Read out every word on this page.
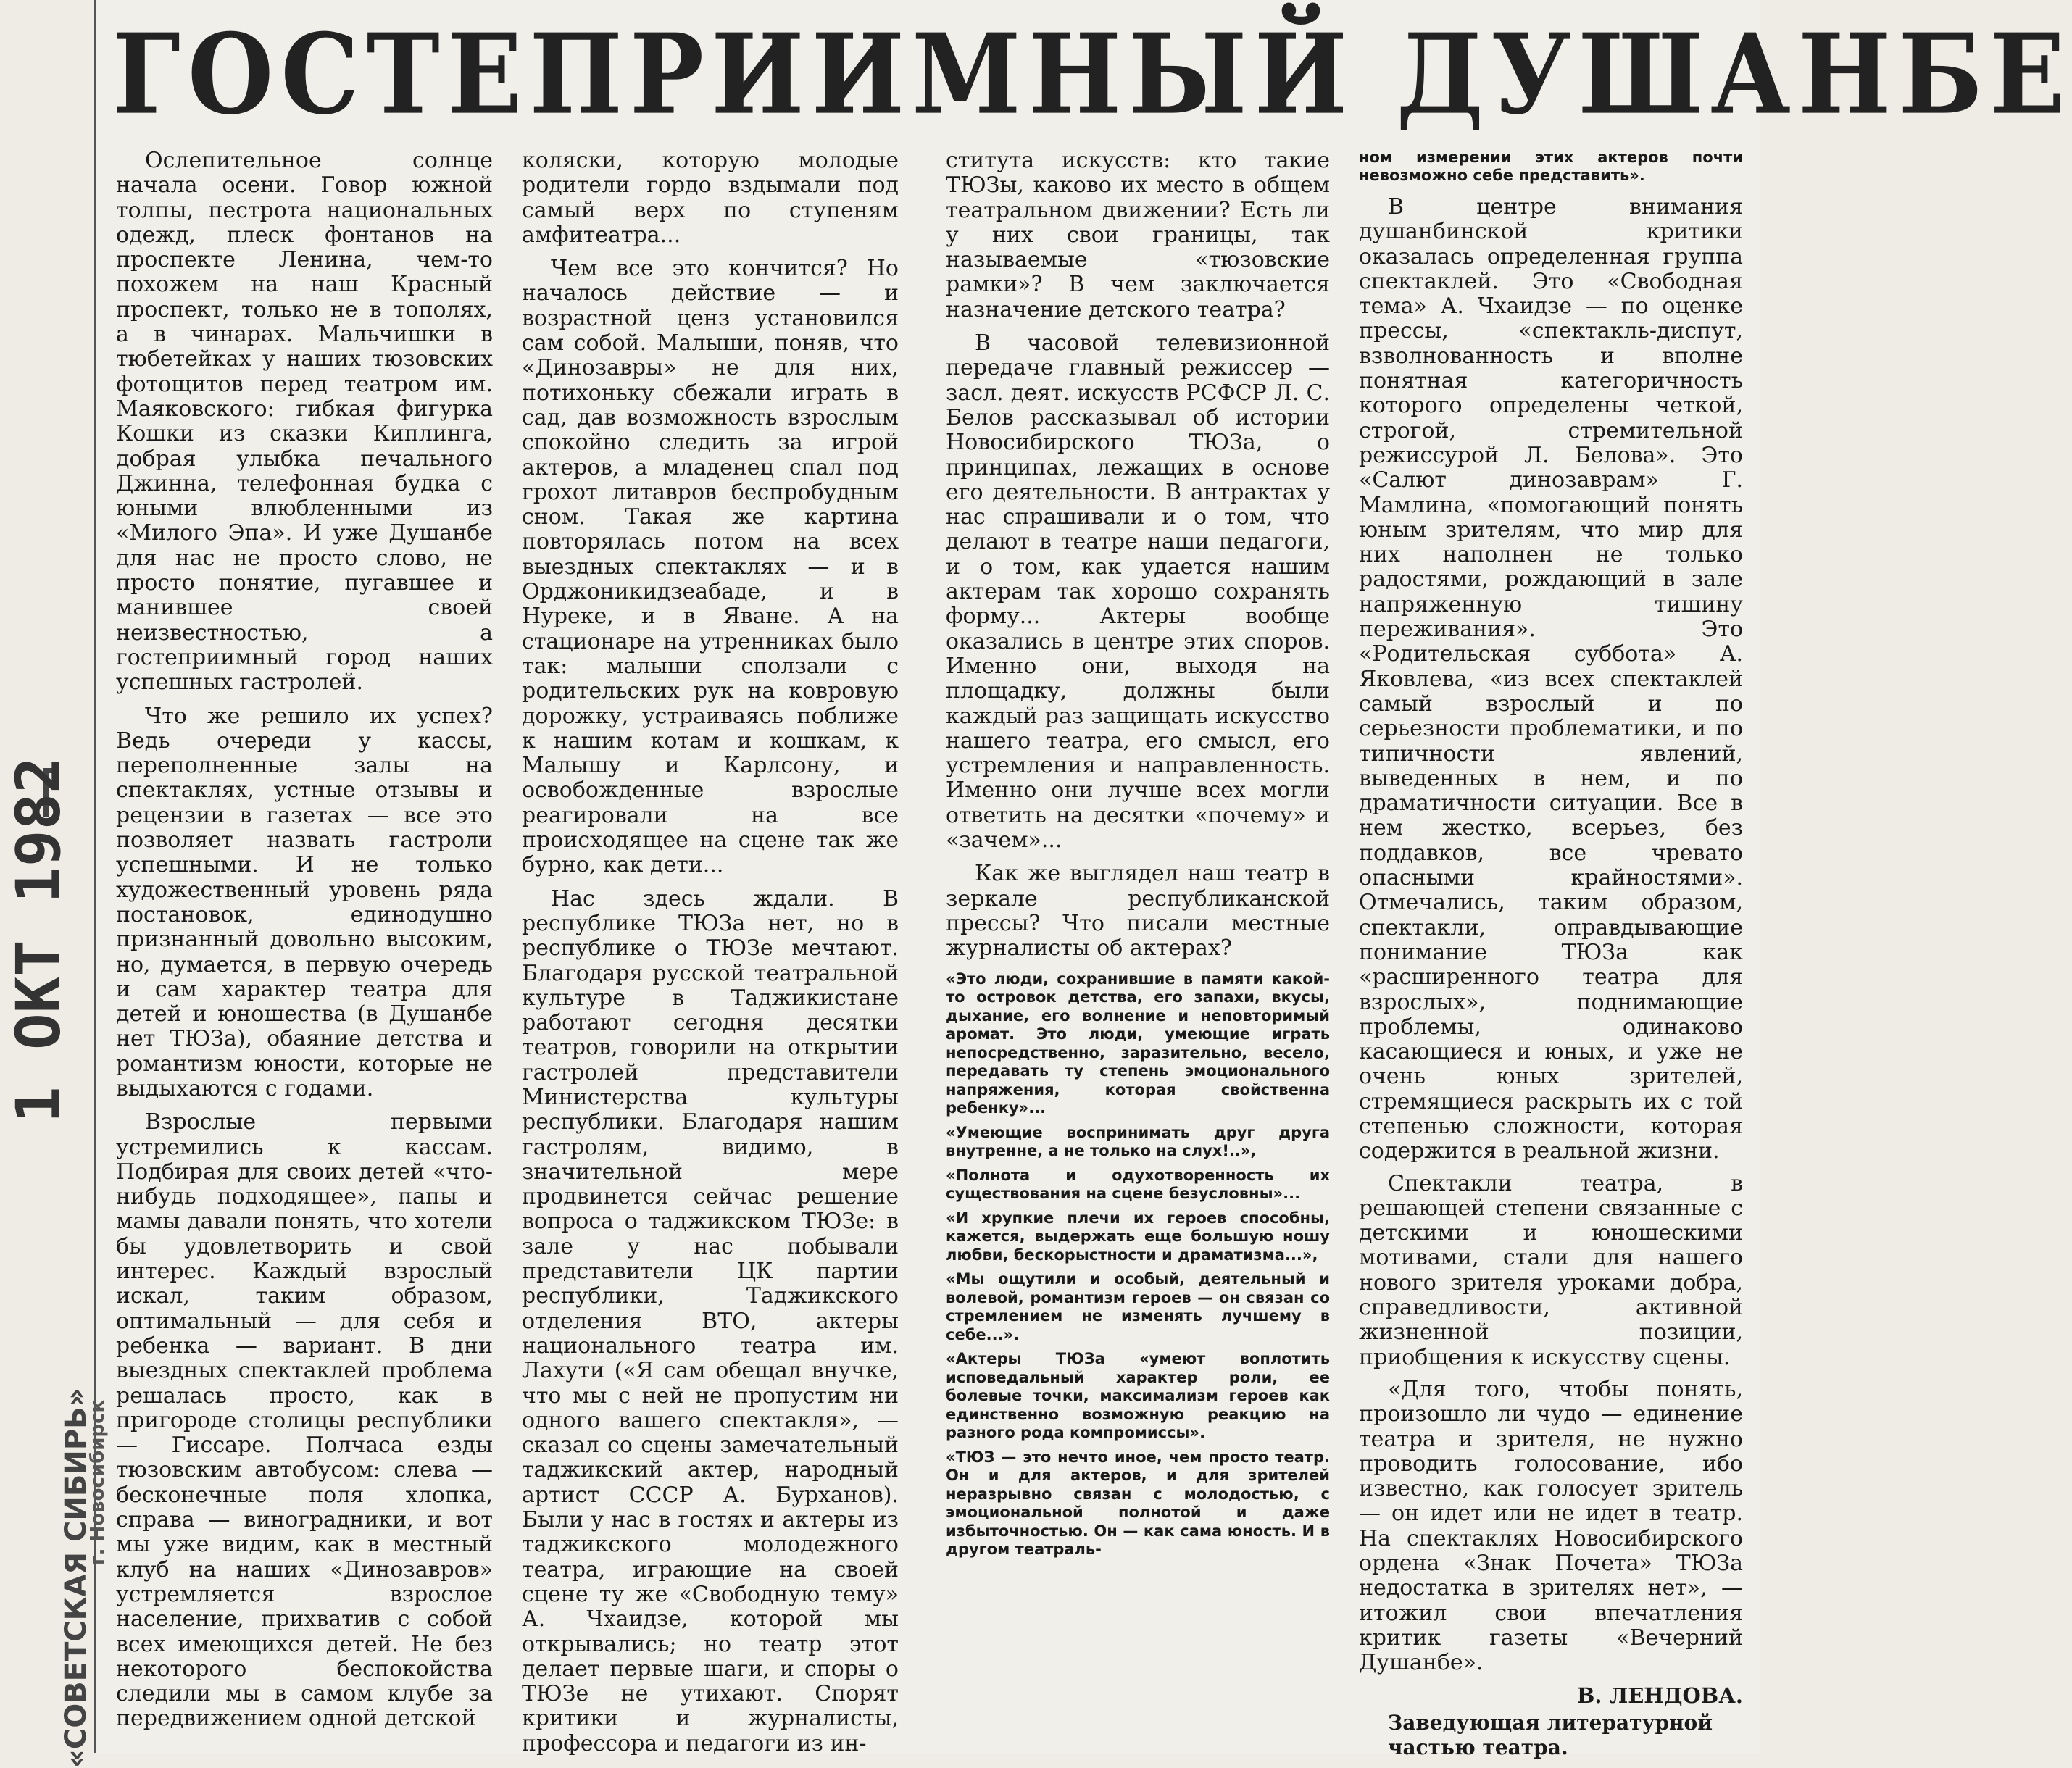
1 ОКТ 1982
«СОВЕТСКАЯ СИБИРЬ»
г. Новосибирск
ГОСТЕПРИИМНЫЙ ДУШАНБЕ

Ослепительное солнце начала осени. Говор южной толпы, пестрота национальных одежд, плеск фонтанов на проспекте Ленина, чем-то похожем на наш Красный проспект, только не в тополях, а в чинарах. Мальчишки в тюбетейках у наших тюзовских фотощитов перед театром им. Маяковского: гибкая фигурка Кошки из сказки Киплинга, добрая улыбка печального Джинна, телефонная будка с юными влюбленными из «Милого Эпа». И уже Душанбе для нас не просто слово, не просто понятие, пугавшее и манившее своей неизвестностью, а гостеприимный город наших успешных гастролей.

Что же решило их успех? Ведь очереди у кассы, переполненные залы на спектаклях, устные отзывы и рецензии в газетах — все это позволяет назвать гастроли успешными. И не только художественный уровень ряда постановок, единодушно признанный довольно высоким, но, думается, в первую очередь и сам характер театра для детей и юношества (в Душанбе нет ТЮЗа), обаяние детства и романтизм юности, которые не выдыхаются с годами.

Взрослые первыми устремились к кассам. Подбирая для своих детей «что-нибудь подходящее», папы и мамы давали понять, что хотели бы удовлетворить и свой интерес. Каждый взрослый искал, таким образом, оптимальный — для себя и ребенка — вариант. В дни выездных спектаклей проблема решалась просто, как в пригороде столицы республики — Гиссаре. Полчаса езды тюзовским автобусом: слева — бесконечные поля хлопка, справа — виноградники, и вот мы уже видим, как в местный клуб на наших «Динозавров» устремляется взрослое население, прихватив с собой всех имеющихся детей. Не без некоторого беспокойства следили мы в самом клубе за передвижением одной детской

коляски, которую молодые родители гордо вздымали под самый верх по ступеням амфитеатра...

Чем все это кончится? Но началось действие — и возрастной ценз установился сам собой. Малыши, поняв, что «Динозавры» не для них, потихоньку сбежали играть в сад, дав возможность взрослым спокойно следить за игрой актеров, а младенец спал под грохот литавров беспробудным сном. Такая же картина повторялась потом на всех выездных спектаклях — и в Орджоникидзеабаде, и в Нуреке, и в Яване. А на стационаре на утренниках было так: малыши сползали с родительских рук на ковровую дорожку, устраиваясь поближе к нашим котам и кошкам, к Малышу и Карлсону, и освобожденные взрослые реагировали на все происходящее на сцене так же бурно, как дети...

Нас здесь ждали. В республике ТЮЗа нет, но в республике о ТЮЗе мечтают. Благодаря русской театральной культуре в Таджикистане работают сегодня десятки театров, говорили на открытии гастролей представители Министерства культуры республики. Благодаря нашим гастролям, видимо, в значительной мере продвинется сейчас решение вопроса о таджикском ТЮЗе: в зале у нас побывали представители ЦК партии республики, Таджикского отделения ВТО, актеры национального театра им. Лахути («Я сам обещал внучке, что мы с ней не пропустим ни одного вашего спектакля», — сказал со сцены замечательный таджикский актер, народный артист СССР А. Бурханов). Были у нас в гостях и актеры из таджикского молодежного театра, играющие на своей сцене ту же «Свободную тему» А. Чхаидзе, которой мы открывались; но театр этот делает первые шаги, и споры о ТЮЗе не утихают. Спорят критики и журналисты, профессора и педагоги из ин-

ститута искусств: кто такие ТЮЗы, каково их место в общем театральном движении? Есть ли у них свои границы, так называемые «тюзовские рамки»? В чем заключается назначение детского театра?

В часовой телевизионной передаче главный режиссер — засл. деят. искусств РСФСР Л. С. Белов рассказывал об истории Новосибирского ТЮЗа, о принципах, лежащих в основе его деятельности. В антрактах у нас спрашивали и о том, что делают в театре наши педагоги, и о том, как удается нашим актерам так хорошо сохранять форму... Актеры вообще оказались в центре этих споров. Именно они, выходя на площадку, должны были каждый раз защищать искусство нашего театра, его смысл, его устремления и направленность. Именно они лучше всех могли ответить на десятки «почему» и «зачем»...

Как же выглядел наш театр в зеркале республиканской прессы? Что писали местные журналисты об актерах?

«Это люди, сохранившие в памяти какой-то островок детства, его запахи, вкусы, дыхание, его волнение и неповторимый аромат. Это люди, умеющие играть непосредственно, заразительно, весело, передавать ту степень эмоционального напряжения, которая свойственна ребенку»...

«Умеющие воспринимать друг друга внутренне, а не только на слух!..»,

«Полнота и одухотворенность их существования на сцене безусловны»...

«И хрупкие плечи их героев способны, кажется, выдержать еще большую ношу любви, бескорыстности и драматизма...»,

«Мы ощутили и особый, деятельный и волевой, романтизм героев — он связан со стремлением не изменять лучшему в себе...».

«Актеры ТЮЗа «умеют воплотить исповедальный характер роли, ее болевые точки, максимализм героев как единственно возможную реакцию на разного рода компромиссы».

«ТЮЗ — это нечто иное, чем просто театр. Он и для актеров, и для зрителей неразрывно связан с молодостью, с эмоциональной полнотой и даже избыточностью. Он — как сама юность. И в другом театраль-

ном измерении этих актеров почти невозможно себе представить».

В центре внимания душанбинской критики оказалась определенная группа спектаклей. Это «Свободная тема» А. Чхаидзе — по оценке прессы, «спектакль-диспут, взволнованность и вполне понятная категоричность которого определены четкой, строгой, стремительной режиссурой Л. Белова». Это «Салют динозаврам» Г. Мамлина, «помогающий понять юным зрителям, что мир для них наполнен не только радостями, рождающий в зале напряженную тишину переживания». Это «Родительская суббота» А. Яковлева, «из всех спектаклей самый взрослый и по серьезности проблематики, и по типичности явлений, выведенных в нем, и по драматичности ситуации. Все в нем жестко, всерьез, без поддавков, все чревато опасными крайностями». Отмечались, таким образом, спектакли, оправдывающие понимание ТЮЗа как «расширенного театра для взрослых», поднимающие проблемы, одинаково касающиеся и юных, и уже не очень юных зрителей, стремящиеся раскрыть их с той степенью сложности, которая содержится в реальной жизни.

Спектакли театра, в решающей степени связанные с детскими и юношескими мотивами, стали для нашего нового зрителя уроками добра, справедливости, активной жизненной позиции, приобщения к искусству сцены.

«Для того, чтобы понять, произошло ли чудо — единение театра и зрителя, не нужно проводить голосование, ибо известно, как голосует зритель — он идет или не идет в театр. На спектаклях Новосибирского ордена «Знак Почета» ТЮЗа недостатка в зрителях нет», — итожил свои впечатления критик газеты «Вечерний Душанбе».

В. ЛЕНДОВА.

Заведующая литературной частью театра.
